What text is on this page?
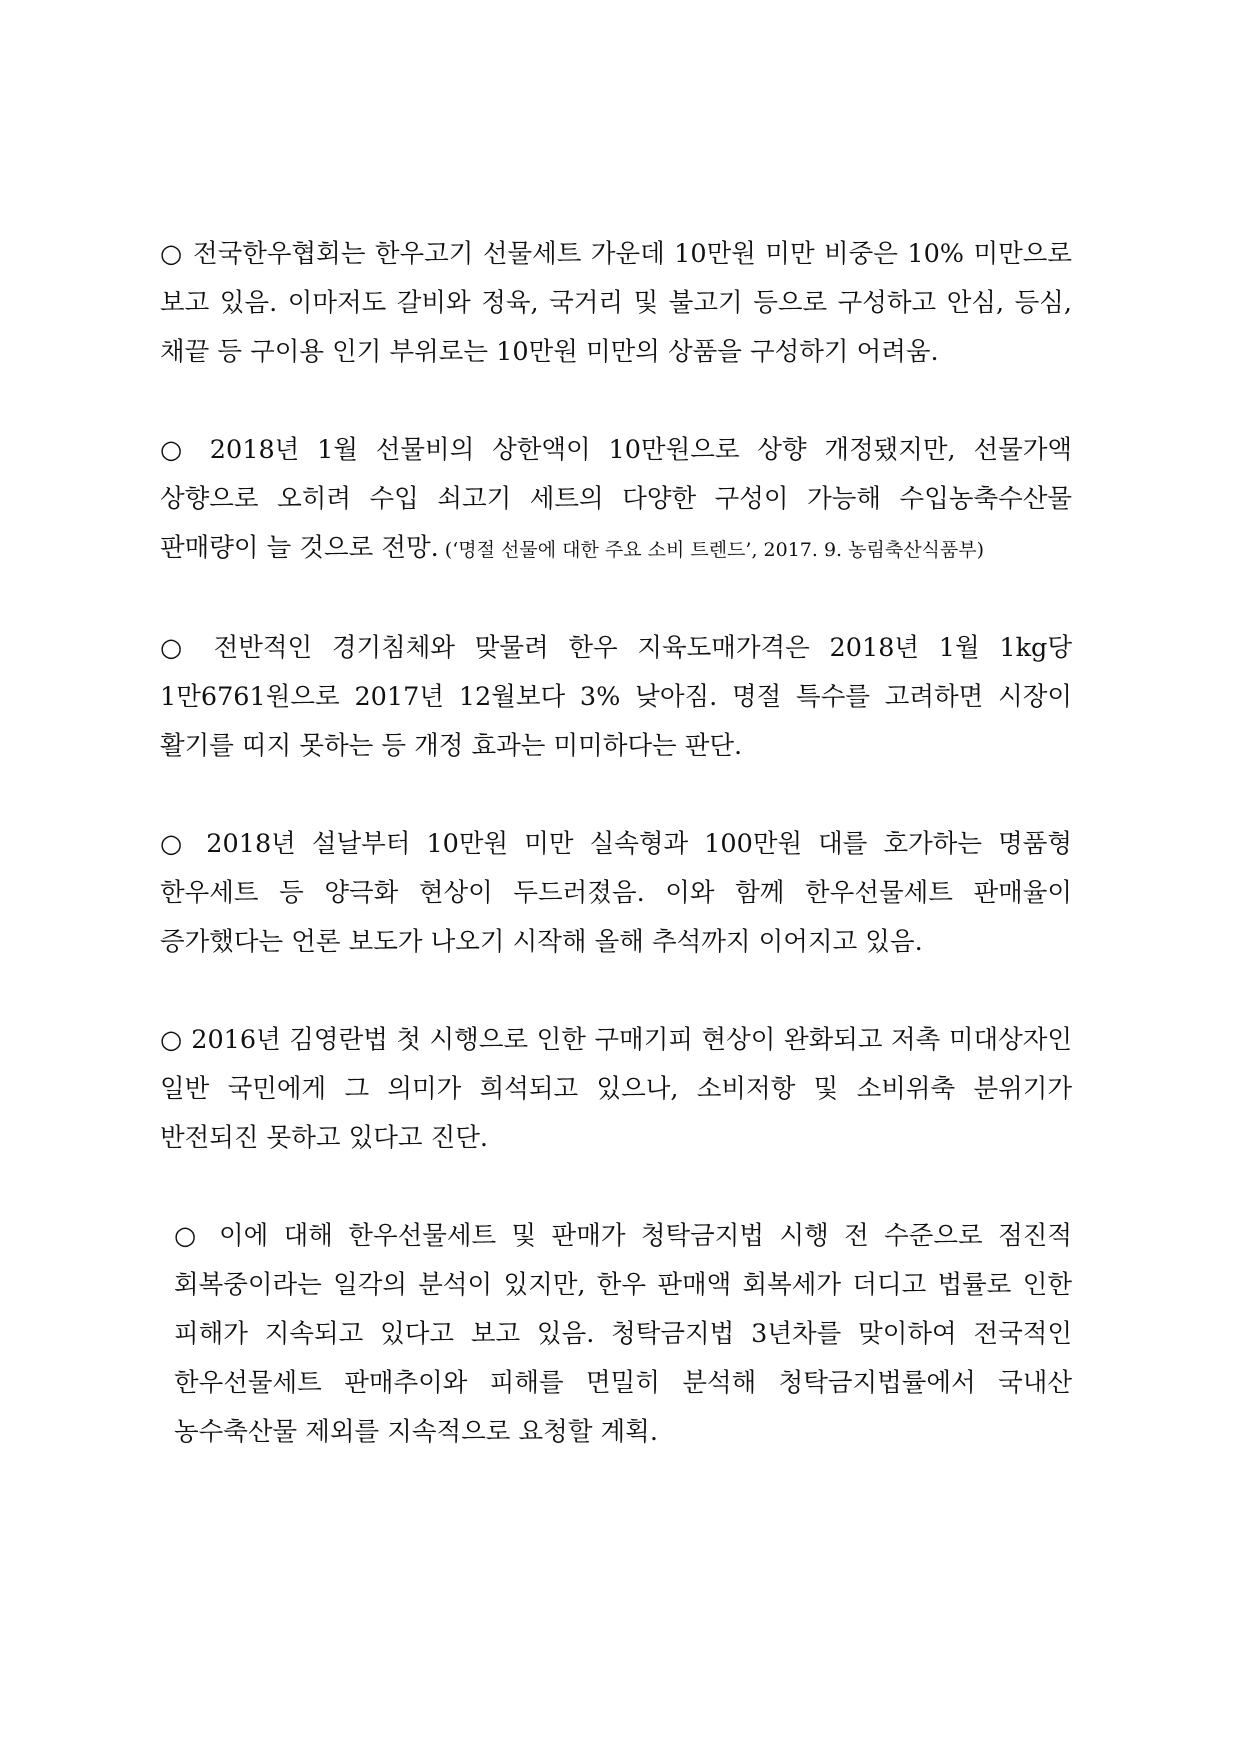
○ 전국한우협회는 한우고기 선물세트 가운데 10만원 미만 비중은 10% 미만으로 보고 있음. 이마저도 갈비와 정육, 국거리 및 불고기 등으로 구성하고 안심, 등심, 채끝 등 구이용 인기 부위로는 10만원 미만의 상품을 구성하기 어려움.

○ 2018년 1월 선물비의 상한액이 10만원으로 상향 개정됐지만, 선물가액 상향으로 오히려 수입 쇠고기 세트의 다양한 구성이 가능해 수입농축수산물 판매량이 늘 것으로 전망. (‘명절 선물에 대한 주요 소비 트렌드’, 2017. 9. 농림축산식품부)

○ 전반적인 경기침체와 맞물려 한우 지육도매가격은 2018년 1월 1kg당 1만6761원으로 2017년 12월보다 3% 낮아짐. 명절 특수를 고려하면 시장이 활기를 띠지 못하는 등 개정 효과는 미미하다는 판단.

○ 2018년 설날부터 10만원 미만 실속형과 100만원 대를 호가하는 명품형 한우세트 등 양극화 현상이 두드러졌음. 이와 함께 한우선물세트 판매율이 증가했다는 언론 보도가 나오기 시작해 올해 추석까지 이어지고 있음.

○ 2016년 김영란법 첫 시행으로 인한 구매기피 현상이 완화되고 저촉 미대상자인 일반 국민에게 그 의미가 희석되고 있으나, 소비저항 및 소비위축 분위기가 반전되진 못하고 있다고 진단.

○ 이에 대해 한우선물세트 및 판매가 청탁금지법 시행 전 수준으로 점진적 회복중이라는 일각의 분석이 있지만, 한우 판매액 회복세가 더디고 법률로 인한 피해가 지속되고 있다고 보고 있음. 청탁금지법 3년차를 맞이하여 전국적인 한우선물세트 판매추이와 피해를 면밀히 분석해 청탁금지법률에서 국내산 농수축산물 제외를 지속적으로 요청할 계획.
